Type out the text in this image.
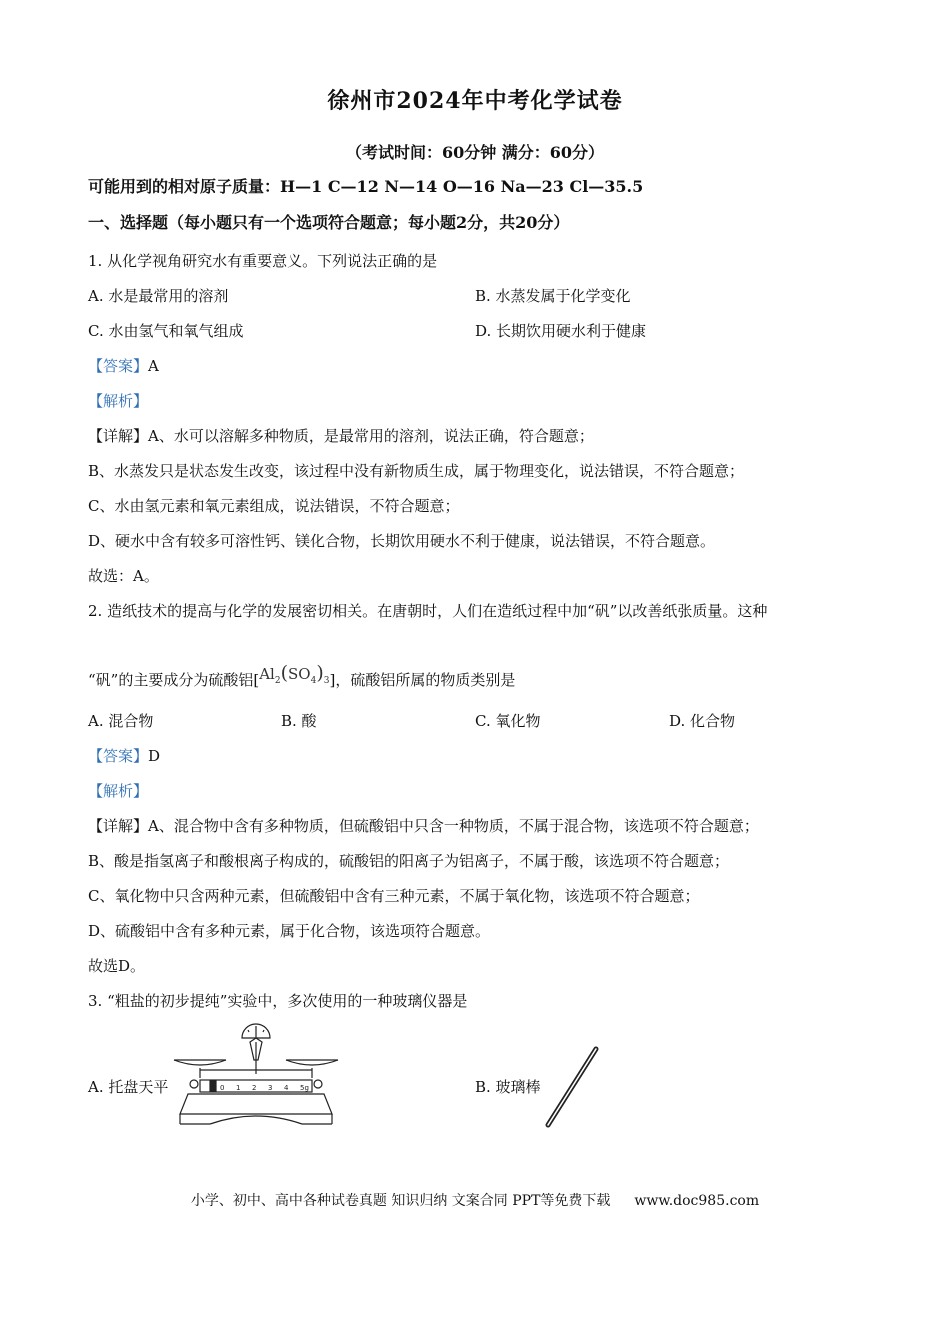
徐州市2024年中考化学试卷
（考试时间：60分钟 满分：60分）
可能用到的相对原子质量：H—1 C—12 N—14 O—16 Na—23 Cl—35.5
一、选择题（每小题只有一个选项符合题意；每小题2分，共20分）
1. 从化学视角研究水有重要意义。下列说法正确的是
A. 水是最常用的溶剂	B. 水蒸发属于化学变化
C. 水由氢气和氧气组成	D. 长期饮用硬水利于健康
【答案】A
【解析】
【详解】A、水可以溶解多种物质，是最常用的溶剂，说法正确，符合题意；
B、水蒸发只是状态发生改变，该过程中没有新物质生成，属于物理变化，说法错误，不符合题意；
C、水由氢元素和氧元素组成，说法错误，不符合题意；
D、硬水中含有较多可溶性钙、镁化合物，长期饮用硬水不利于健康，说法错误，不符合题意。
故选：A。
2. 造纸技术的提高与化学的发展密切相关。在唐朝时，人们在造纸过程中加“矾”以改善纸张质量。这种
“矾”的主要成分为硫酸铝$[Al_2(SO_4)_3]$，硫酸铝所属的物质类别是
A. 混合物	B. 酸	C. 氧化物	D. 化合物
【答案】D
【解析】
【详解】A、混合物中含有多种物质，但硫酸铝中只含一种物质，不属于混合物，该选项不符合题意；
B、酸是指氢离子和酸根离子构成的，硫酸铝的阳离子为铝离子，不属于酸，该选项不符合题意；
C、氧化物中只含两种元素，但硫酸铝中含有三种元素，不属于氧化物，该选项不符合题意；
D、硫酸铝中含有多种元素，属于化合物，该选项符合题意。
故选D。
3. “粗盐的初步提纯”实验中，多次使用的一种玻璃仪器是
A. 托盘天平	B. 玻璃棒
0 1 2 3 4 5g
小学、初中、高中各种试卷真题 知识归纳 文案合同 PPT等免费下载 www.doc985.com
